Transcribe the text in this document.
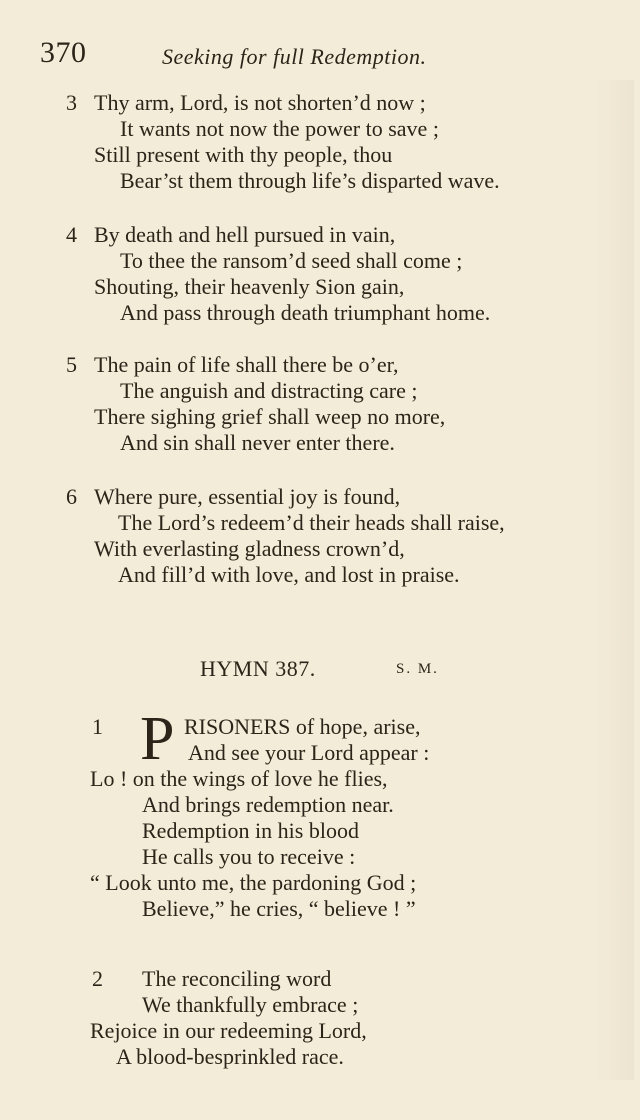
370	Seeking for full Redemption.
3 Thy arm, Lord, is not shorten’d now ;
It wants not now the power to save ;
Still present with thy people, thou
Bear’st them through life’s disparted wave.
4 By death and hell pursued in vain,
To thee the ransom’d seed shall come ;
Shouting, their heavenly Sion gain,
And pass through death triumphant home.
5 The pain of life shall there be o’er,
The anguish and distracting care ;
There sighing grief shall weep no more,
And sin shall never enter there.
6 Where pure, essential joy is found,
The Lord’s redeem’d their heads shall raise,
With everlasting gladness crown’d,
And fill’d with love, and lost in praise.
HYMN 387.	S. M.
1 P RISONERS of hope, arise,
And see your Lord appear :
Lo ! on the wings of love he flies,
And brings redemption near.
Redemption in his blood
He calls you to receive :
“ Look unto me, the pardoning God ;
Believe,” he cries, “ believe ! ”
2 The reconciling word
We thankfully embrace ;
Rejoice in our redeeming Lord,
A blood-besprinkled race.
